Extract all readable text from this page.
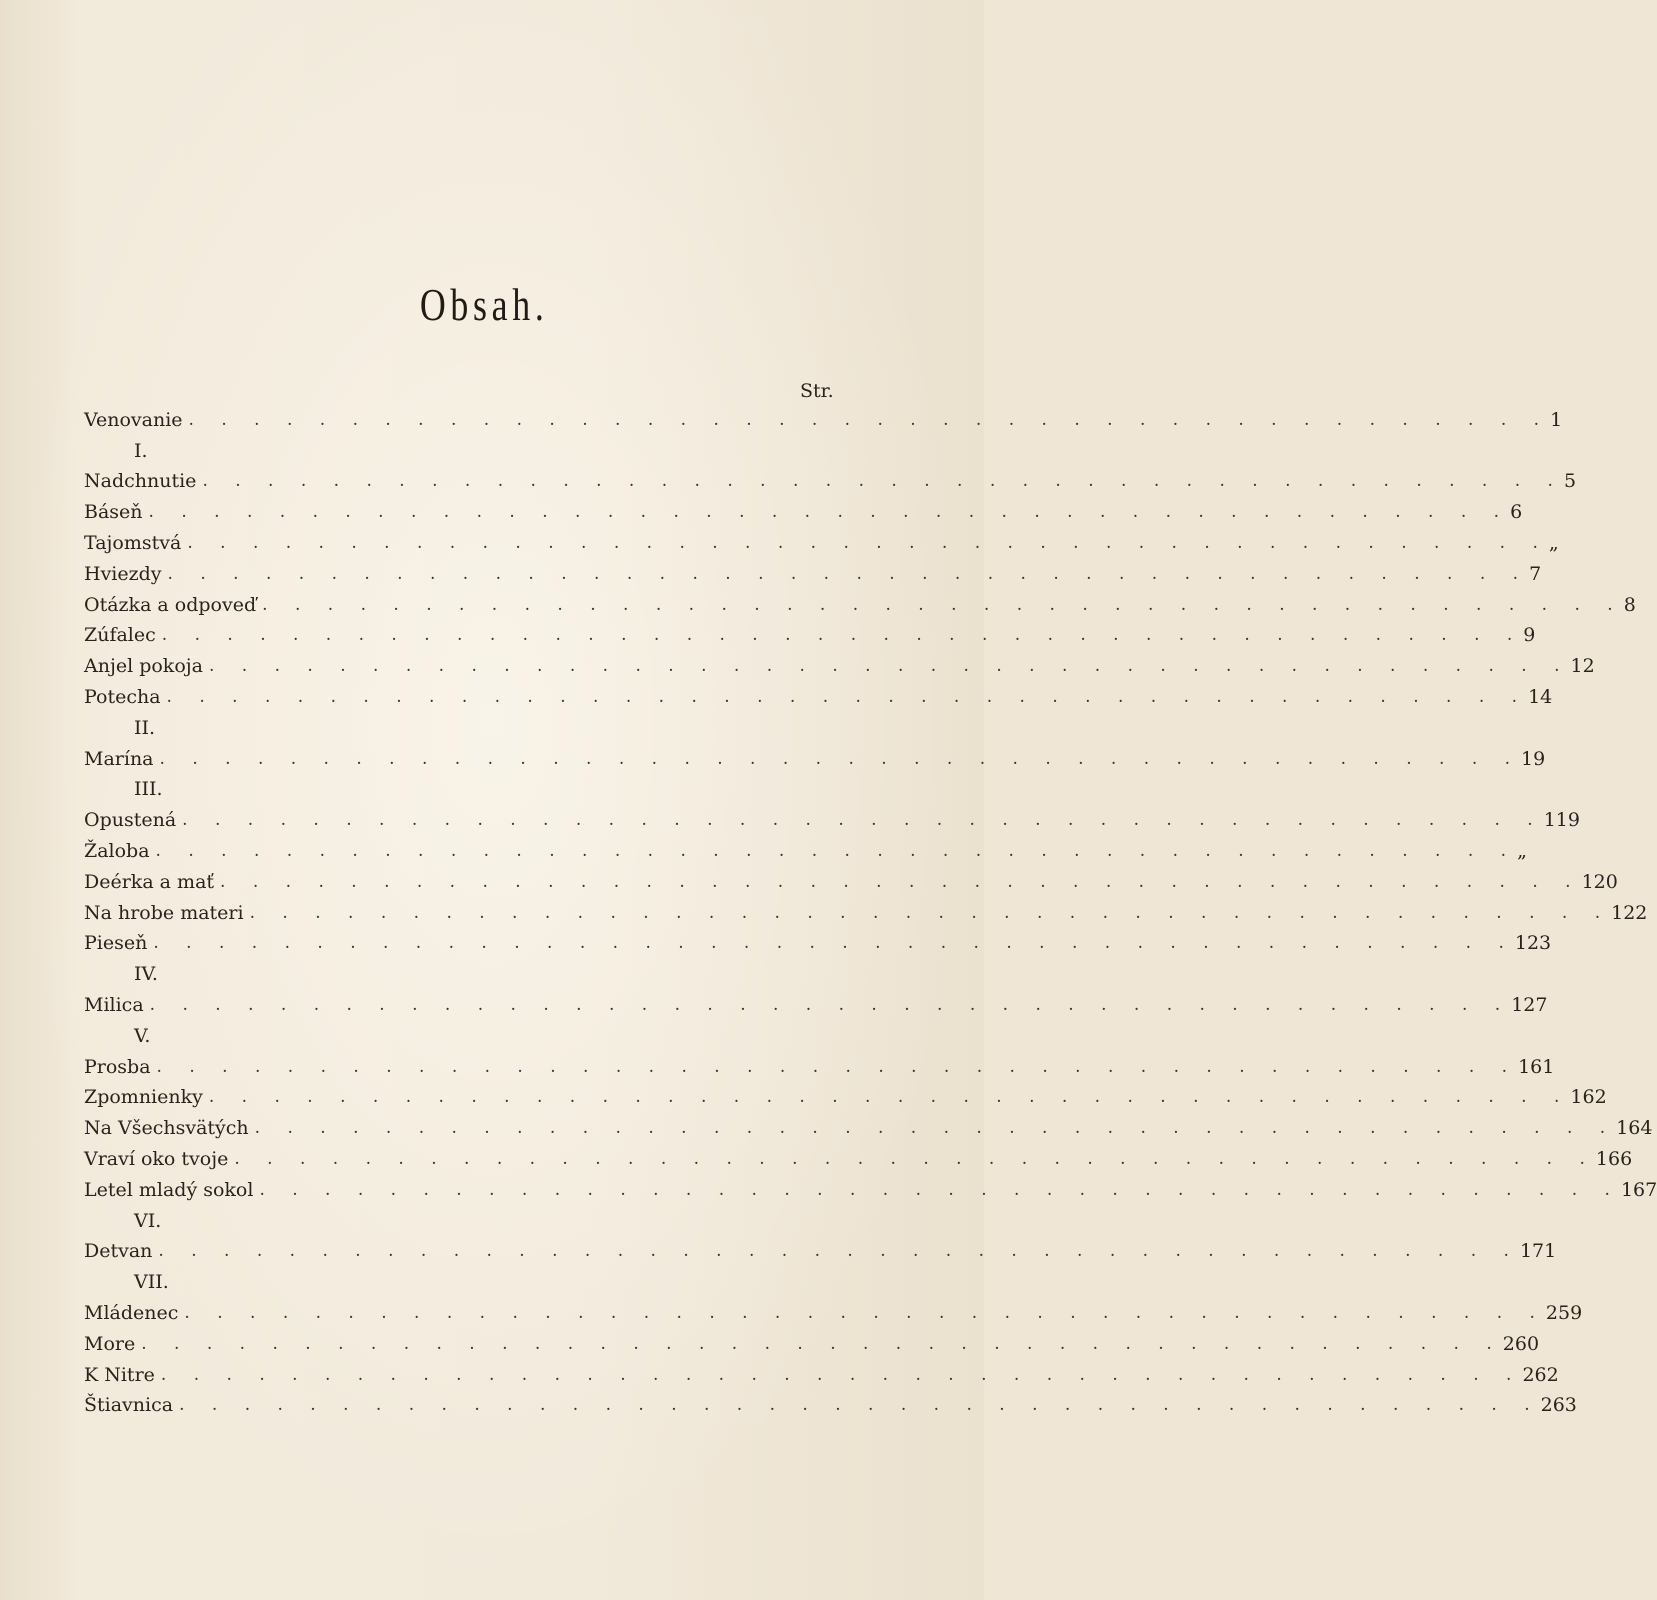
Obsah.
Str.
Venovanie . . . . . . . . . . . . . . . . . . . . . . . . . . . . . . . . . . . . . . . . . . 1
I.
Nadchnutie . . . . . . . . . . . . . . . . . . . . . . . . . . . . . . . . . . . . . . . . . . 5
Báseň . . . . . . . . . . . . . . . . . . . . . . . . . . . . . . . . . . . . . . . . . . 6
Tajomstvá . . . . . . . . . . . . . . . . . . . . . . . . . . . . . . . . . . . . . . . . . . „
Hviezdy . . . . . . . . . . . . . . . . . . . . . . . . . . . . . . . . . . . . . . . . . . 7
Otázka a odpoveď . . . . . . . . . . . . . . . . . . . . . . . . . . . . . . . . . . . . . . . . . . 8
Zúfalec . . . . . . . . . . . . . . . . . . . . . . . . . . . . . . . . . . . . . . . . . . 9
Anjel pokoja . . . . . . . . . . . . . . . . . . . . . . . . . . . . . . . . . . . . . . . . . . 12
Potecha . . . . . . . . . . . . . . . . . . . . . . . . . . . . . . . . . . . . . . . . . . 14
II.
Marína . . . . . . . . . . . . . . . . . . . . . . . . . . . . . . . . . . . . . . . . . . 19
III.
Opustená . . . . . . . . . . . . . . . . . . . . . . . . . . . . . . . . . . . . . . . . . . 119
Žaloba . . . . . . . . . . . . . . . . . . . . . . . . . . . . . . . . . . . . . . . . . . „
Deérka a mať . . . . . . . . . . . . . . . . . . . . . . . . . . . . . . . . . . . . . . . . . . 120
Na hrobe materi . . . . . . . . . . . . . . . . . . . . . . . . . . . . . . . . . . . . . . . . . . 122
Pieseň . . . . . . . . . . . . . . . . . . . . . . . . . . . . . . . . . . . . . . . . . . 123
IV.
Milica . . . . . . . . . . . . . . . . . . . . . . . . . . . . . . . . . . . . . . . . . . 127
V.
Prosba . . . . . . . . . . . . . . . . . . . . . . . . . . . . . . . . . . . . . . . . . . 161
Zpomnienky . . . . . . . . . . . . . . . . . . . . . . . . . . . . . . . . . . . . . . . . . . 162
Na Všechsvätých . . . . . . . . . . . . . . . . . . . . . . . . . . . . . . . . . . . . . . . . . . 164
Vraví oko tvoje . . . . . . . . . . . . . . . . . . . . . . . . . . . . . . . . . . . . . . . . . . 166
Letel mladý sokol . . . . . . . . . . . . . . . . . . . . . . . . . . . . . . . . . . . . . . . . . . 167
VI.
Detvan . . . . . . . . . . . . . . . . . . . . . . . . . . . . . . . . . . . . . . . . . . 171
VII.
Mládenec . . . . . . . . . . . . . . . . . . . . . . . . . . . . . . . . . . . . . . . . . . 259
More . . . . . . . . . . . . . . . . . . . . . . . . . . . . . . . . . . . . . . . . . . 260
K Nitre . . . . . . . . . . . . . . . . . . . . . . . . . . . . . . . . . . . . . . . . . . 262
Štiavnica . . . . . . . . . . . . . . . . . . . . . . . . . . . . . . . . . . . . . . . . . . 263
